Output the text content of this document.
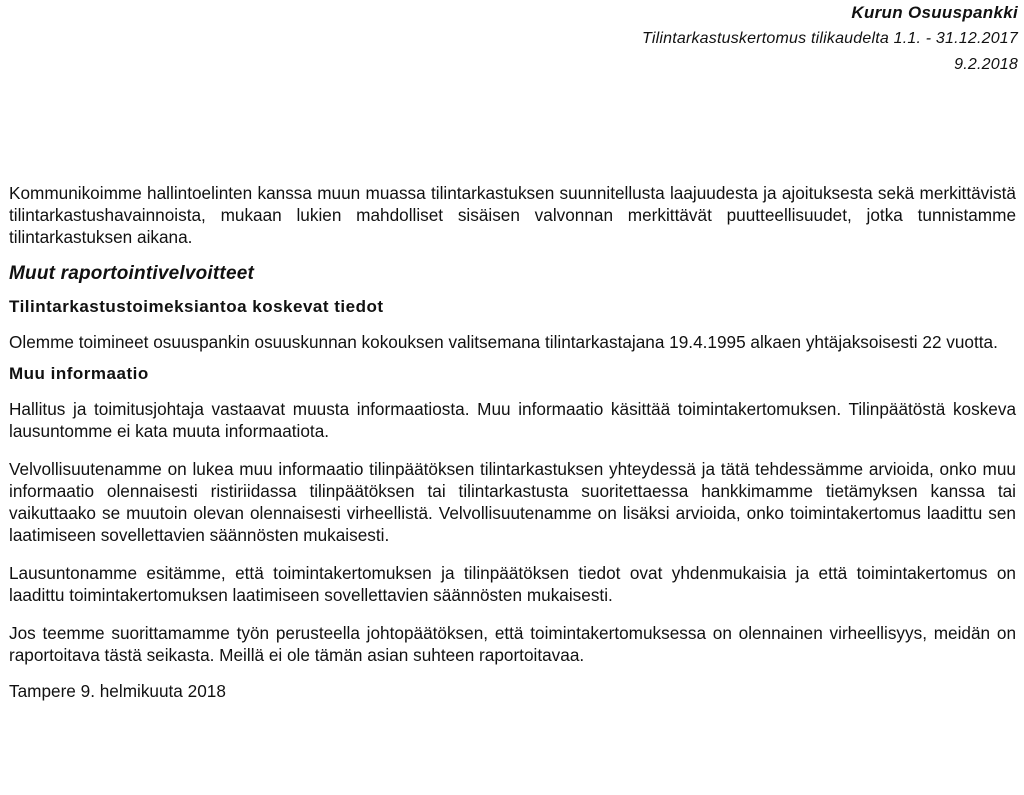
Kurun Osuuspankki
Tilintarkastuskertomus tilikaudelta 1.1. - 31.12.2017
9.2.2018

Kommunikoimme hallintoelinten kanssa muun muassa tilintarkastuksen suunnitellusta laajuudesta ja ajoituksesta sekä merkittävistä tilintarkastushavainnoista, mukaan lukien mahdolliset sisäisen valvonnan merkittävät puutteellisuudet, jotka tunnistamme tilintarkastuksen aikana.

Muut raportointivelvoitteet
Tilintarkastustoimeksiantoa koskevat tiedot

Olemme toimineet osuuspankin osuuskunnan kokouksen valitsemana tilintarkastajana 19.4.1995 alkaen yhtäjaksoisesti 22 vuotta.

Muu informaatio

Hallitus ja toimitusjohtaja vastaavat muusta informaatiosta. Muu informaatio käsittää toimintakertomuksen. Tilinpäätöstä koskeva lausuntomme ei kata muuta informaatiota.

Velvollisuutenamme on lukea muu informaatio tilinpäätöksen tilintarkastuksen yhteydessä ja tätä tehdessämme arvioida, onko muu informaatio olennaisesti ristiriidassa tilinpäätöksen tai tilintarkastusta suoritettaessa hankkimamme tietämyksen kanssa tai vaikuttaako se muutoin olevan olennaisesti virheellistä. Velvollisuutenamme on lisäksi arvioida, onko toimintakertomus laadittu sen laatimiseen sovellettavien säännösten mukaisesti.

Lausuntonamme esitämme, että toimintakertomuksen ja tilinpäätöksen tiedot ovat yhdenmukaisia ja että toimintakertomus on laadittu toimintakertomuksen laatimiseen sovellettavien säännösten mukaisesti.

Jos teemme suorittamamme työn perusteella johtopäätöksen, että toimintakertomuksessa on olennainen virheellisyys, meidän on raportoitava tästä seikasta. Meillä ei ole tämän asian suhteen raportoitavaa.

Tampere 9. helmikuuta 2018
